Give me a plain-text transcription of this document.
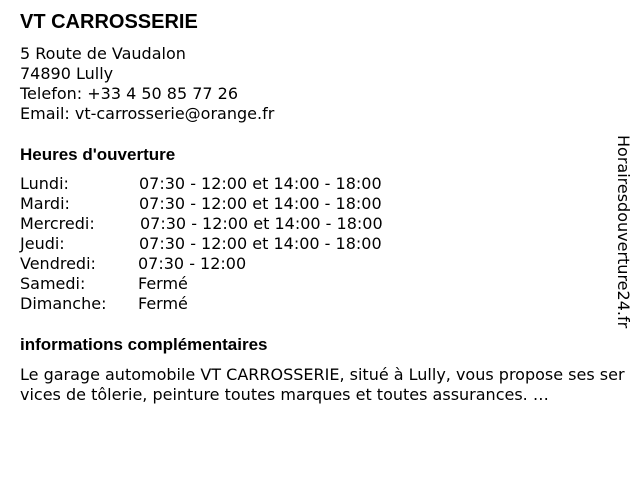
VT CARROSSERIE
5 Route de Vaudalon
74890 Lully
Telefon: +33 4 50 85 77 26
Email: vt-carrosserie@orange.fr
Heures d'ouverture
Lundi:	07:30 - 12:00 et 14:00 - 18:00
Mardi:	07:30 - 12:00 et 14:00 - 18:00
Mercredi:	07:30 - 12:00 et 14:00 - 18:00
Jeudi:	07:30 - 12:00 et 14:00 - 18:00
Vendredi:	07:30 - 12:00
Samedi:	Fermé
Dimanche: Fermé
informations complémentaires
Le garage automobile VT CARROSSERIE, situé à Lully, vous propose ses services de tôlerie, peinture toutes marques et toutes assurances. …
Horairesdouverture24.fr
